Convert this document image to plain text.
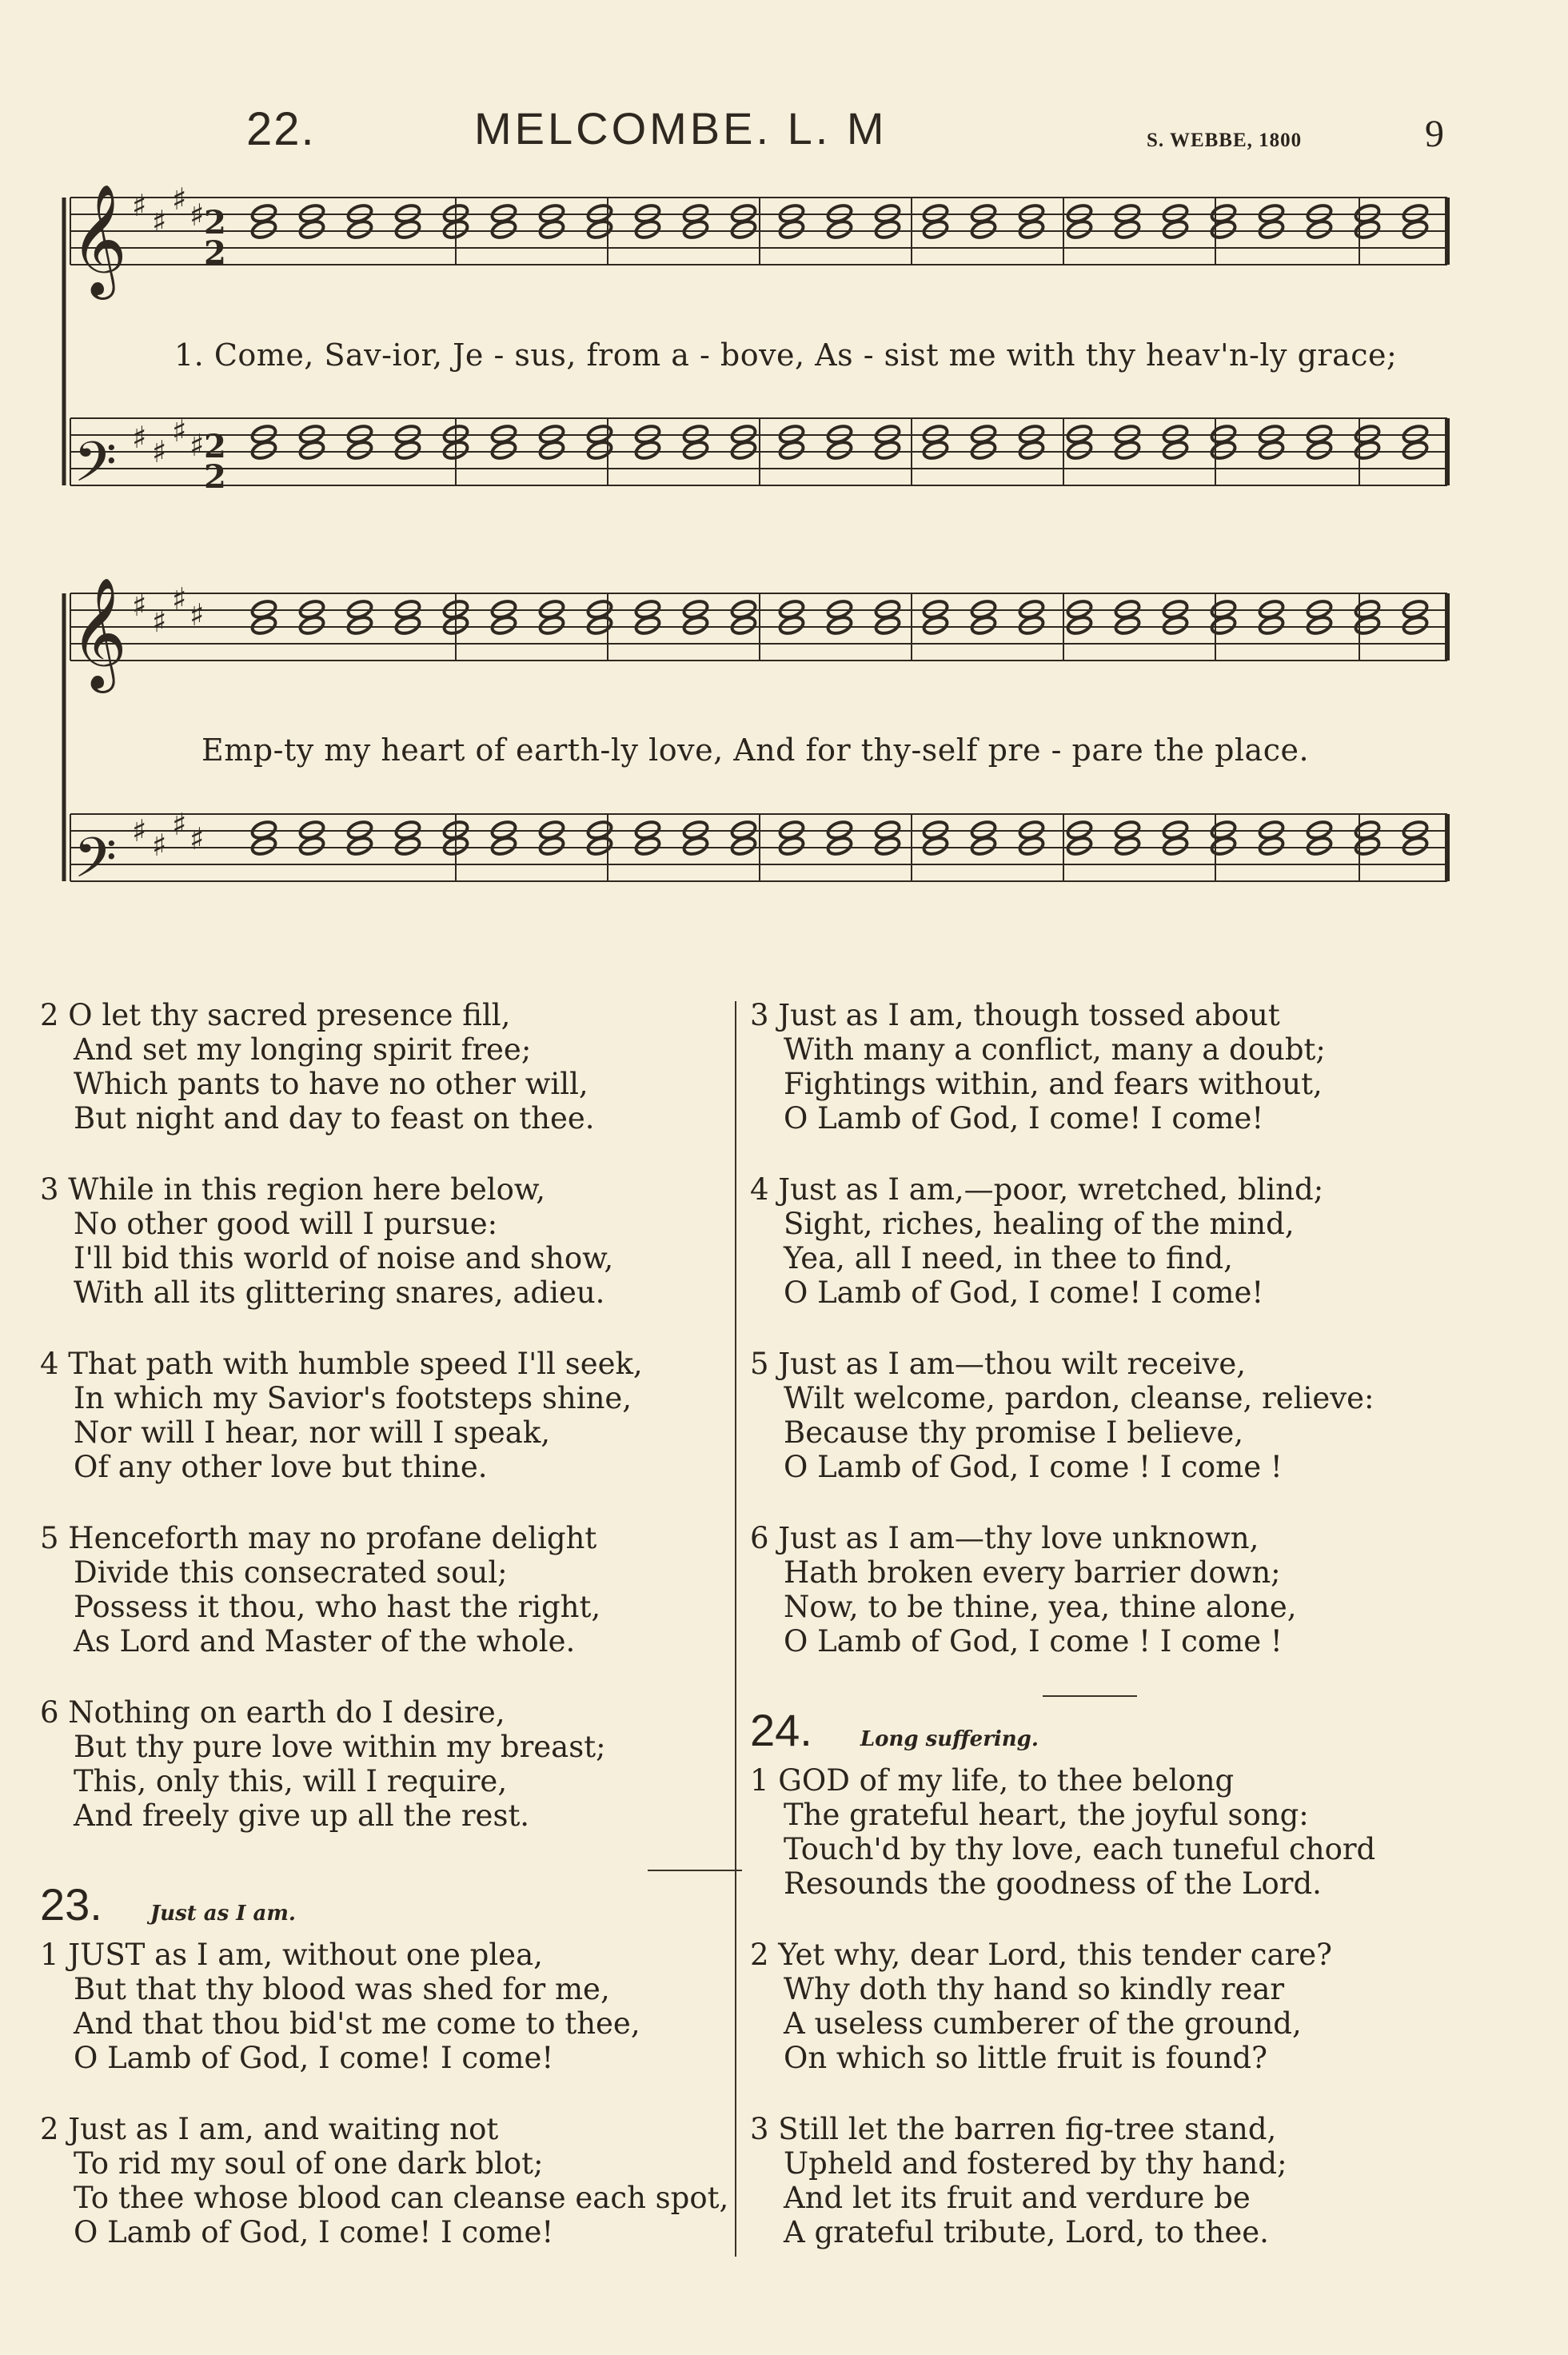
22.	MELCOMBE. L. M	S. WEBBE, 1800	9
𝄞
𝄢
𝄞
𝄢
2
2
2
2
♯ ♯
♯ ♯
♯ ♯
♯ ♯
♯ ♯
♯ ♯
♯ ♯
♯ ♯
1. Come, Sav-ior, Je - sus, from a - bove, As - sist me with thy heav'n-ly grace;
Emp-ty my heart of earth-ly love, And for thy-self pre - pare the place.
2 O let thy sacred presence fill,
And set my longing spirit free;
Which pants to have no other will,
But night and day to feast on thee.
3 While in this region here below,
No other good will I pursue:
I'll bid this world of noise and show,
With all its glittering snares, adieu.
4 That path with humble speed I'll seek,
In which my Savior's footsteps shine,
Nor will I hear, nor will I speak,
Of any other love but thine.
5 Henceforth may no profane delight
Divide this consecrated soul;
Possess it thou, who hast the right,
As Lord and Master of the whole.
6 Nothing on earth do I desire,
But thy pure love within my breast;
This, only this, will I require,
And freely give up all the rest.
23. Just as I am.
1 JUST as I am, without one plea,
But that thy blood was shed for me,
And that thou bid'st me come to thee,
O Lamb of God, I come! I come!
2 Just as I am, and waiting not
To rid my soul of one dark blot;
To thee whose blood can cleanse each spot,
O Lamb of God, I come! I come!
3 Just as I am, though tossed about
With many a conflict, many a doubt;
Fightings within, and fears without,
O Lamb of God, I come! I come!
4 Just as I am,—poor, wretched, blind;
Sight, riches, healing of the mind,
Yea, all I need, in thee to find,
O Lamb of God, I come! I come!
5 Just as I am—thou wilt receive,
Wilt welcome, pardon, cleanse, relieve:
Because thy promise I believe,
O Lamb of God, I come ! I come !
6 Just as I am—thy love unknown,
Hath broken every barrier down;
Now, to be thine, yea, thine alone,
O Lamb of God, I come ! I come !
24. Long suffering.
1 GOD of my life, to thee belong
The grateful heart, the joyful song:
Touch'd by thy love, each tuneful chord
Resounds the goodness of the Lord.
2 Yet why, dear Lord, this tender care?
Why doth thy hand so kindly rear
A useless cumberer of the ground,
On which so little fruit is found?
3 Still let the barren fig-tree stand,
Upheld and fostered by thy hand;
And let its fruit and verdure be
A grateful tribute, Lord, to thee.
